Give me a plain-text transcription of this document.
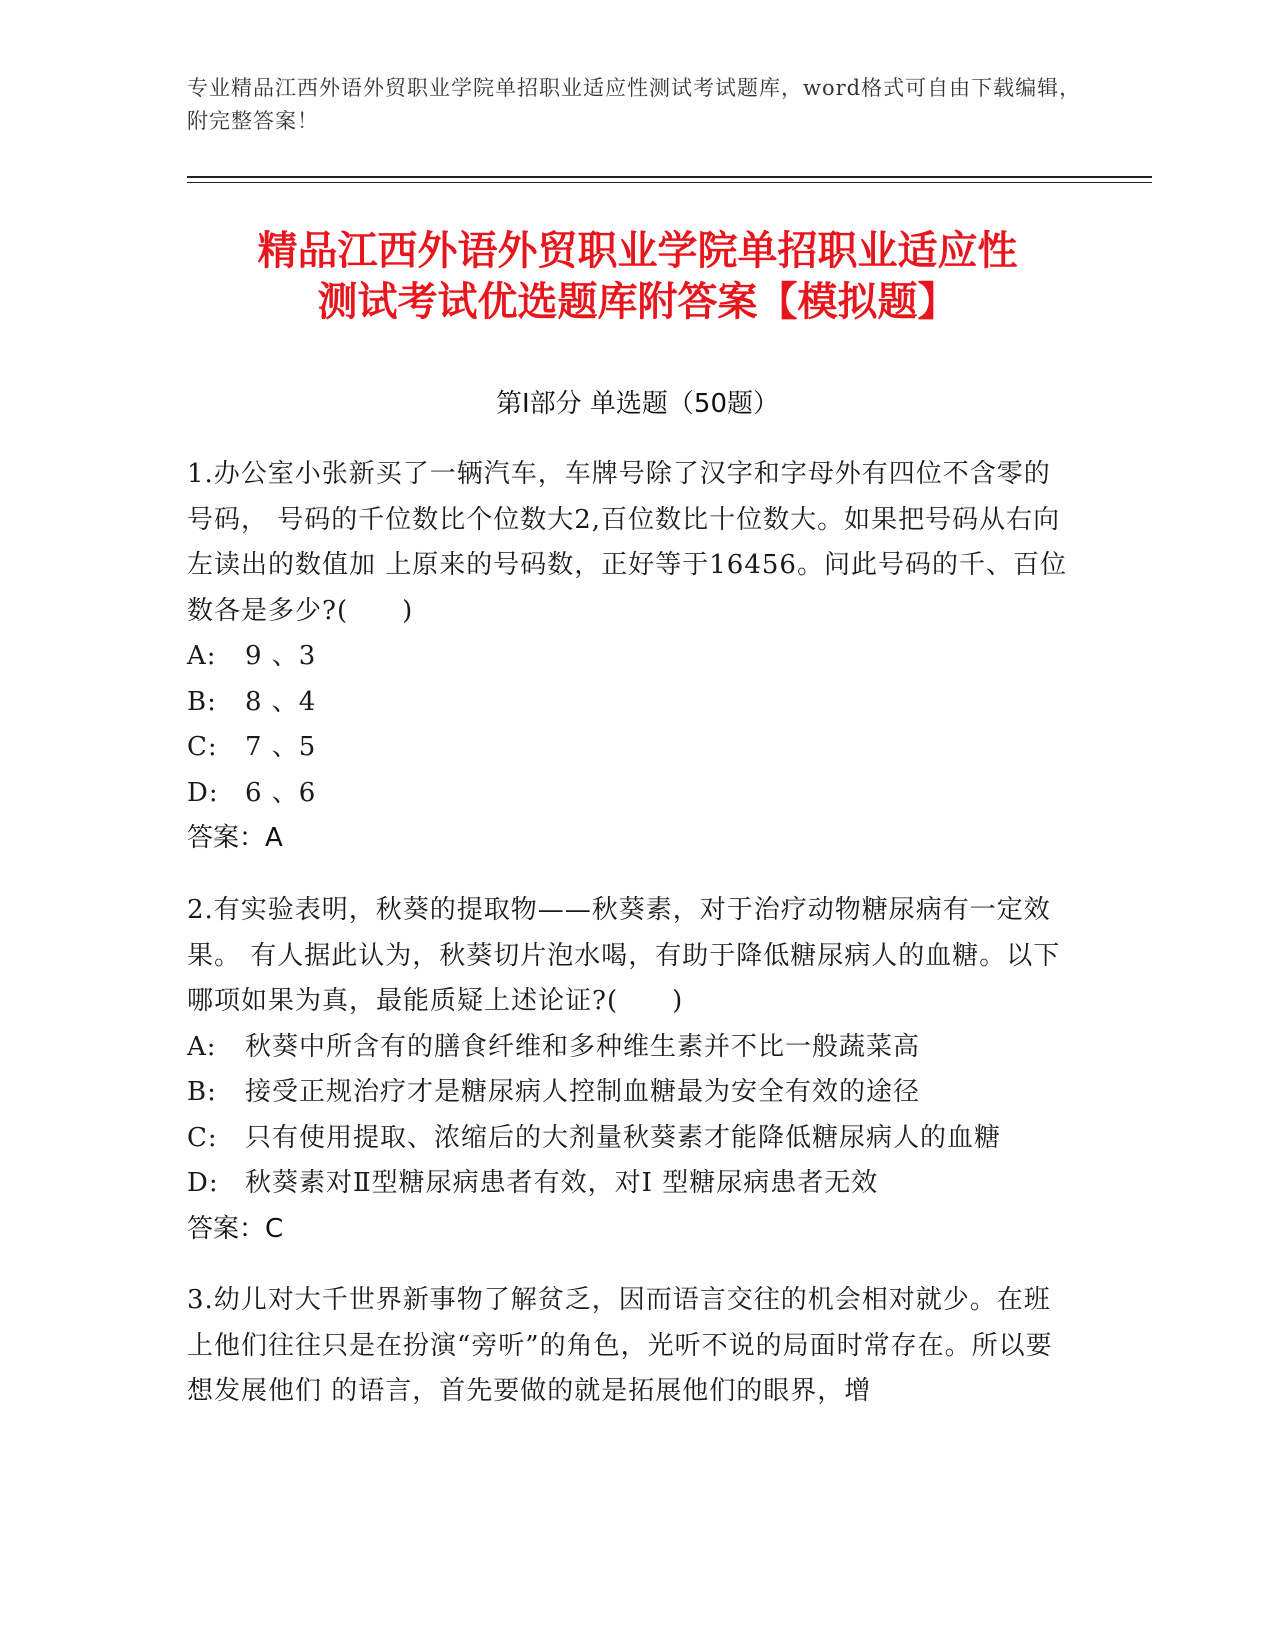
专业精品江西外语外贸职业学院单招职业适应性测试考试题库，word格式可自由下载编辑，附完整答案！
精品江西外语外贸职业学院单招职业适应性
测试考试优选题库附答案【模拟题】
第Ⅰ部分 单选题（50题）
1.办公室小张新买了一辆汽车，车牌号除了汉字和字母外有四位不含零的号码， 号码的千位数比个位数大2,百位数比十位数大。如果把号码从右向左读出的数值加 上原来的号码数，正好等于16456。问此号码的千、百位数各是多少?(　　)
A: 9 、3
B: 8 、4
C: 7 、5
D: 6 、6
答案：A
2.有实验表明，秋葵的提取物——秋葵素，对于治疗动物糖尿病有一定效果。 有人据此认为，秋葵切片泡水喝，有助于降低糖尿病人的血糖。以下哪项如果为真，最能质疑上述论证?(　　)
A: 秋葵中所含有的膳食纤维和多种维生素并不比一般蔬菜高
B: 接受正规治疗才是糖尿病人控制血糖最为安全有效的途径
C: 只有使用提取、浓缩后的大剂量秋葵素才能降低糖尿病人的血糖
D: 秋葵素对Ⅱ型糖尿病患者有效，对Ⅰ 型糖尿病患者无效
答案：C
3.幼儿对大千世界新事物了解贫乏，因而语言交往的机会相对就少。在班上他们往往只是在扮演“旁听”的角色，光听不说的局面时常存在。所以要想发展他们 的语言，首先要做的就是拓展他们的眼界，增
